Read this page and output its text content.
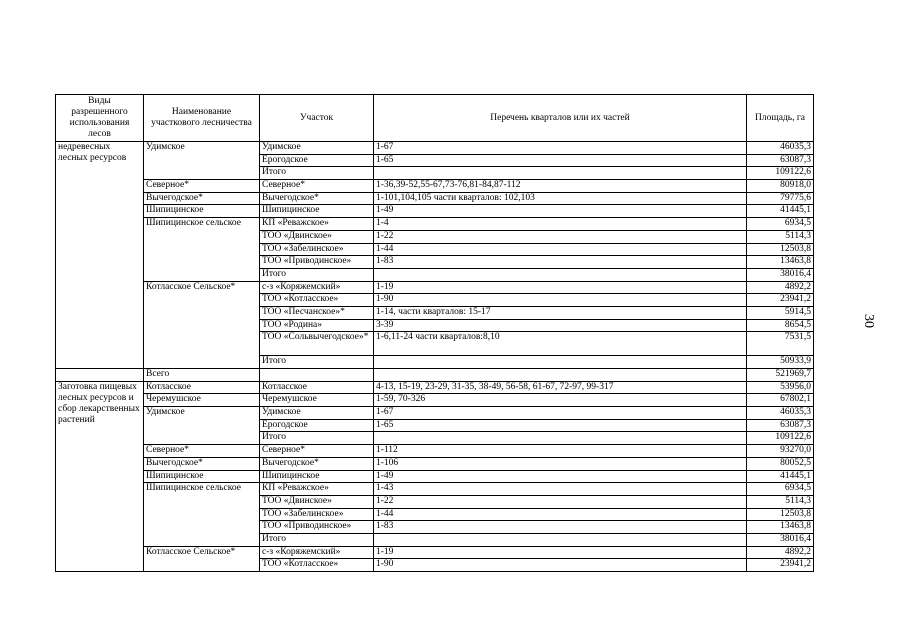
Виды разрешенного использования лесов	Наименование участкового лесничества	Участок	Перечень кварталов или их частей	Площадь, га
недревесных лесных ресурсов	Удимское	Удимское	1-67	46035,3
		Ерогодское	1-65	63087,3
		Итого		109122,6
	Северное*	Северное*	1-36,39-52,55-67,73-76,81-84,87-112	80918,0
	Вычегодское*	Вычегодское*	1-101,104,105 части кварталов: 102,103	79775,6
	Шипицинское	Шипицинское	1-49	41445,1
	Шипицинское сельское	КП «Реважское»	1-4	6934,5
		ТОО «Двинское»	1-22	5114,3
		ТОО «Забелинское»	1-44	12503,8
		ТОО «Приводинское»	1-83	13463,8
		Итого		38016,4
	Котласское Сельское*	с-з «Коряжемский»	1-19	4892,2
		ТОО «Котласское»	1-90	23941,2
		ТОО «Песчанское»*	1-14, части кварталов: 15-17	5914,5
		ТОО «Родина»	3-39	8654,5
		ТОО «Сольвычегодское»*	1-6,11-24 части кварталов:8,10	7531,5
		Итого		50933,9
	Всего			521969,7
Заготовка пищевых лесных ресурсов и сбор лекарственных растений	Котласское	Котласское	4-13, 15-19, 23-29, 31-35, 38-49, 56-58, 61-67, 72-97, 99-317	53956,0
	Черемушское	Черемушское	1-59, 70-326	67802,1
	Удимское	Удимское	1-67	46035,3
		Ерогодское	1-65	63087,3
		Итого		109122,6
	Северное*	Северное*	1-112	93270,0
	Вычегодское*	Вычегодское*	1-106	80052,5
	Шипицинское	Шипицинское	1-49	41445,1
	Шипицинское сельское	КП «Реважское»	1-43	6934,5
		ТОО «Двинское»	1-22	5114,3
		ТОО «Забелинское»	1-44	12503,8
		ТОО «Приводинское»	1-83	13463,8
		Итого		38016,4
	Котласское Сельское*	с-з «Коряжемский»	1-19	4892,2
		ТОО «Котласское»	1-90	23941,2
30
